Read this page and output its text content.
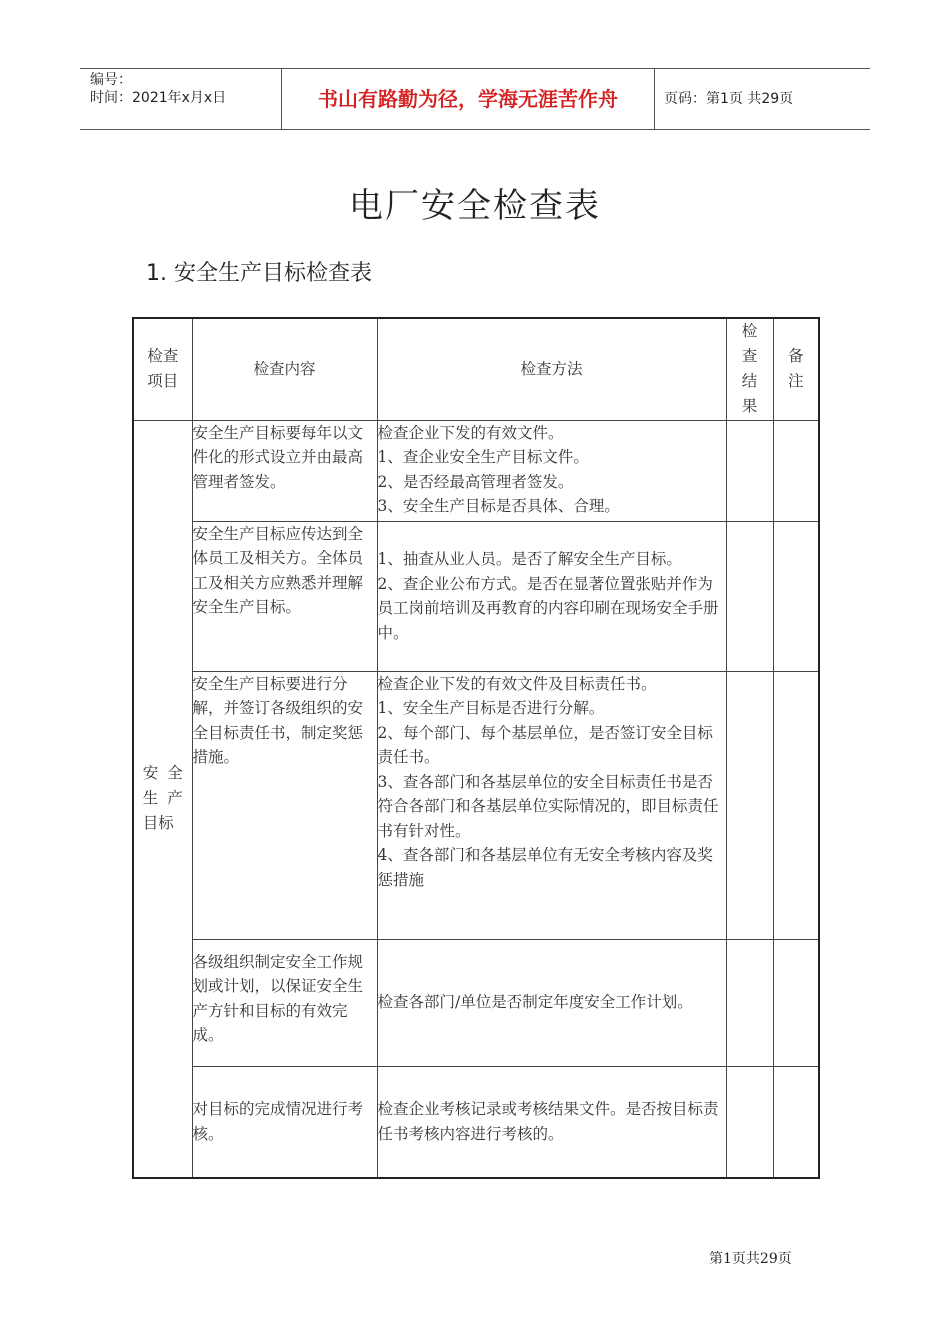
编号：
时间：2021年x月x日	书山有路勤为径，学海无涯苦作舟	页码：第1页 共29页
电厂安全检查表
1. 安全生产目标检查表
检查项目	检查内容	检查方法	检查结果	备注

安 全 生 产 目标	安全生产目标要每年以文件化的形式设立并由最高管理者签发。	检查企业下发的有效文件。
1、查企业安全生产目标文件。
2、是否经最高管理者签发。
3、安全生产目标是否具体、合理。		

	安全生产目标应传达到全体员工及相关方。全体员工及相关方应熟悉并理解安全生产目标。	1、抽查从业人员。是否了解安全生产目标。
2、查企业公布方式。是否在显著位置张贴并作为员工岗前培训及再教育的内容印刷在现场安全手册中。		

	安全生产目标要进行分解，并签订各级组织的安全目标责任书，制定奖惩措施。	检查企业下发的有效文件及目标责任书。
1、安全生产目标是否进行分解。
2、每个部门、每个基层单位，是否签订安全目标责任书。
3、查各部门和各基层单位的安全目标责任书是否符合各部门和各基层单位实际情况的，即目标责任书有针对性。
4、查各部门和各基层单位有无安全考核内容及奖惩措施		

	各级组织制定安全工作规划或计划，以保证安全生产方针和目标的有效完成。	检查各部门/单位是否制定年度安全工作计划。		

	对目标的完成情况进行考核。	检查企业考核记录或考核结果文件。是否按目标责任书考核内容进行考核的。		

第1页共29页
